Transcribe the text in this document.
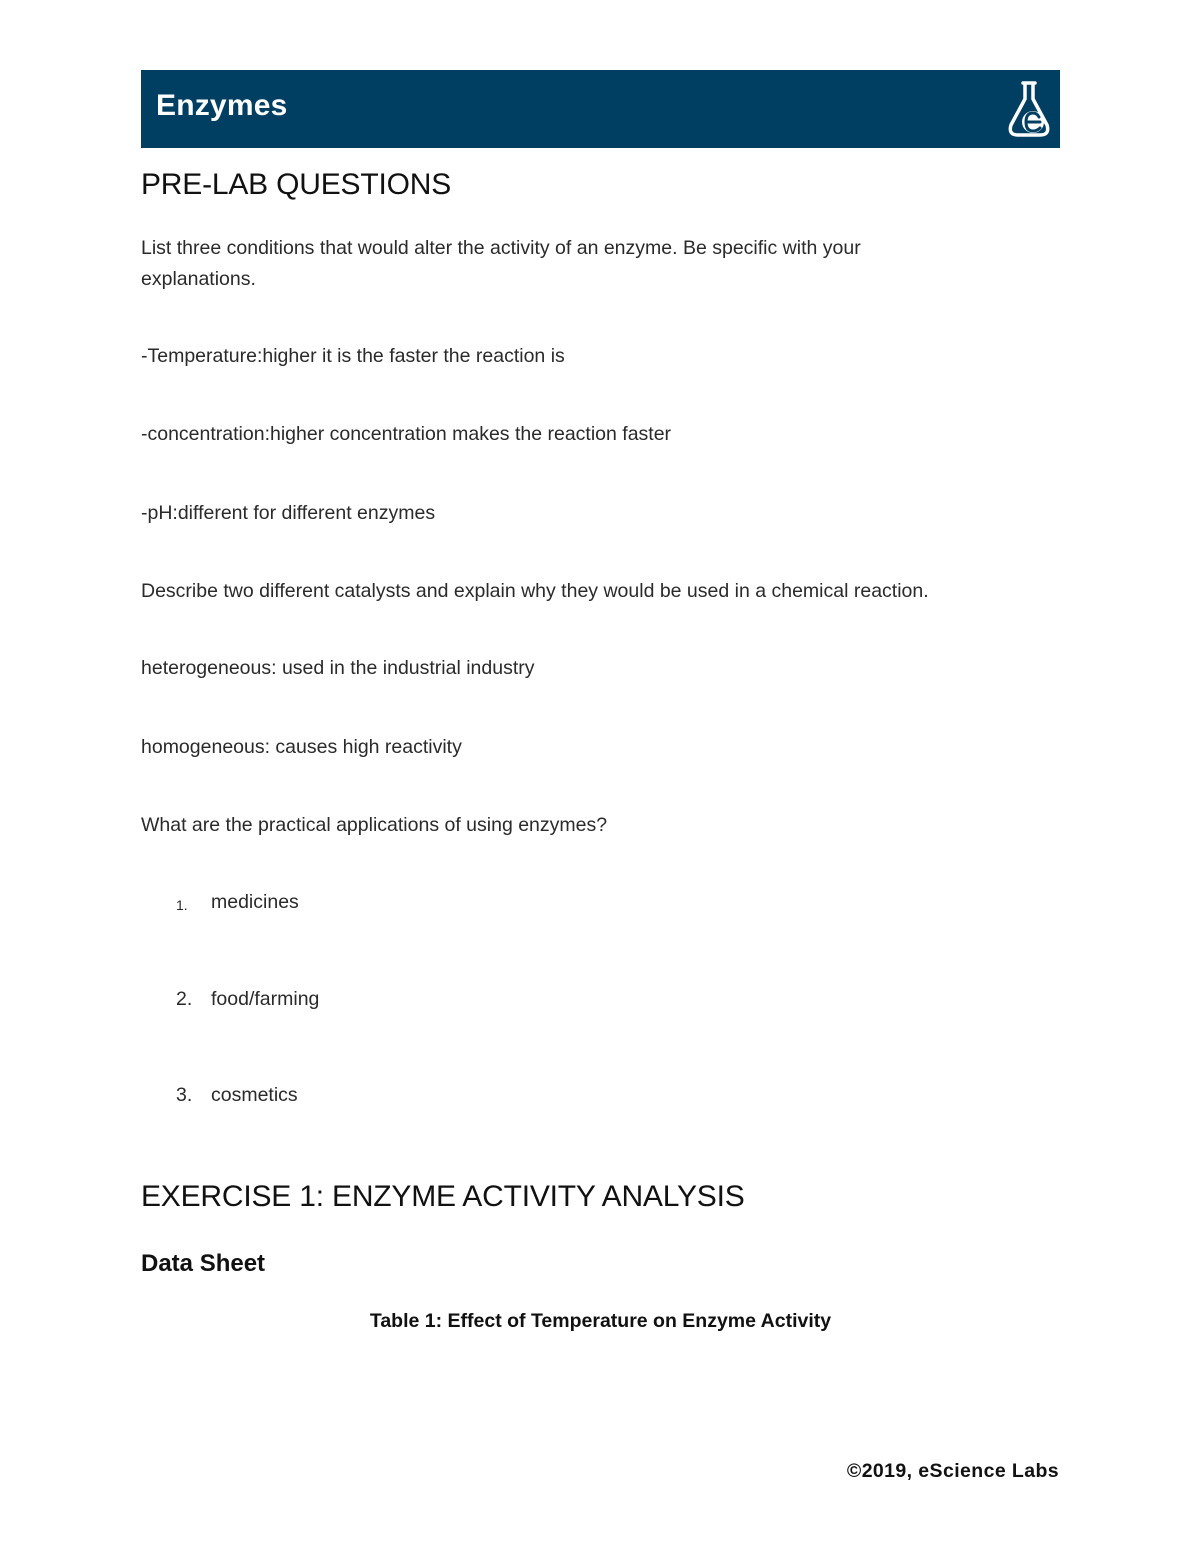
Enzymes
PRE-LAB QUESTIONS
List three conditions that would alter the activity of an enzyme. Be specific with your explanations.
-Temperature:higher it is the faster the reaction is
-concentration:higher concentration makes the reaction faster
-pH:different for different enzymes
Describe two different catalysts and explain why they would be used in a chemical reaction.
heterogeneous: used in the industrial industry
homogeneous: causes high reactivity
What are the practical applications of using enzymes?
1. medicines
2. food/farming
3. cosmetics
EXERCISE 1: ENZYME ACTIVITY ANALYSIS
Data Sheet
Table 1: Effect of Temperature on Enzyme Activity
©2019, eScience Labs
